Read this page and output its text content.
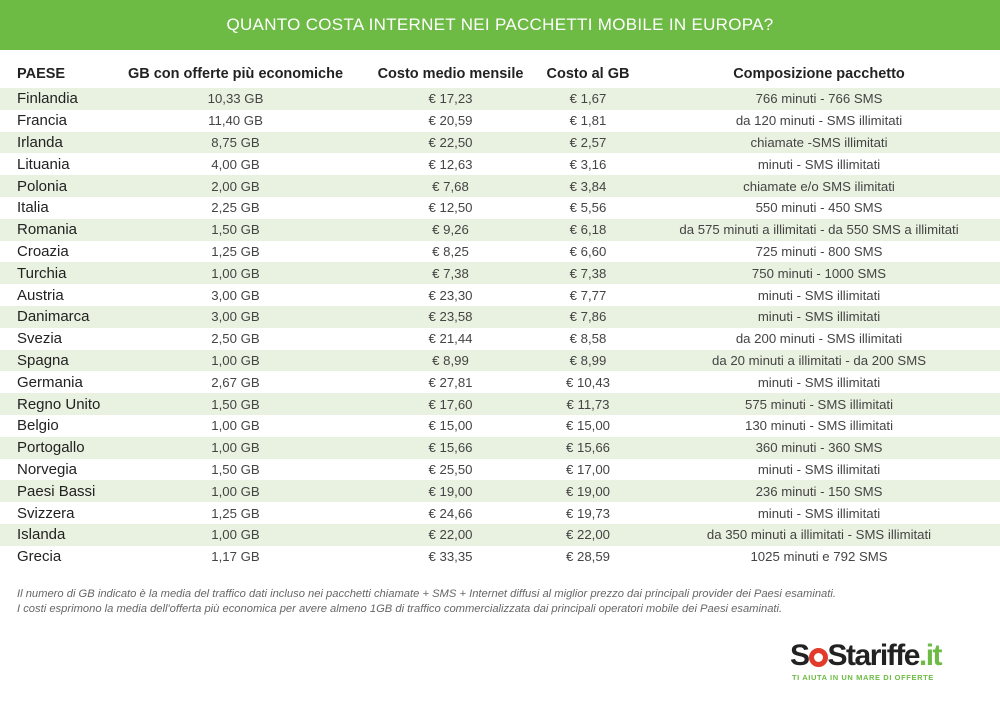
QUANTO COSTA INTERNET NEI PACCHETTI MOBILE IN EUROPA?
PAESE	GB con offerte più economiche	Costo medio mensile	Costo al GB	Composizione pacchetto
Finlandia	10,33 GB	€ 17,23	€ 1,67	766 minuti - 766 SMS
Francia	11,40 GB	€ 20,59	€ 1,81	da 120 minuti - SMS illimitati
Irlanda	8,75 GB	€ 22,50	€ 2,57	chiamate -SMS illimitati
Lituania	4,00 GB	€ 12,63	€ 3,16	minuti - SMS illimitati
Polonia	2,00 GB	€ 7,68	€ 3,84	chiamate e/o SMS ilimitati
Italia	2,25 GB	€ 12,50	€ 5,56	550 minuti - 450 SMS
Romania	1,50 GB	€ 9,26	€ 6,18	da 575 minuti a illimitati - da 550 SMS a illimitati
Croazia	1,25 GB	€ 8,25	€ 6,60	725 minuti - 800 SMS
Turchia	1,00 GB	€ 7,38	€ 7,38	750 minuti - 1000 SMS
Austria	3,00 GB	€ 23,30	€ 7,77	minuti - SMS illimitati
Danimarca	3,00 GB	€ 23,58	€ 7,86	minuti - SMS illimitati
Svezia	2,50 GB	€ 21,44	€ 8,58	da 200 minuti - SMS illimitati
Spagna	1,00 GB	€ 8,99	€ 8,99	da 20 minuti a illimitati - da 200 SMS
Germania	2,67 GB	€ 27,81	€ 10,43	minuti - SMS illimitati
Regno Unito	1,50 GB	€ 17,60	€ 11,73	575 minuti - SMS illimitati
Belgio	1,00 GB	€ 15,00	€ 15,00	130 minuti - SMS illimitati
Portogallo	1,00 GB	€ 15,66	€ 15,66	360 minuti - 360 SMS
Norvegia	1,50 GB	€ 25,50	€ 17,00	minuti - SMS illimitati
Paesi Bassi	1,00 GB	€ 19,00	€ 19,00	236 minuti - 150 SMS
Svizzera	1,25 GB	€ 24,66	€ 19,73	minuti - SMS illimitati
Islanda	1,00 GB	€ 22,00	€ 22,00	da 350 minuti a illimitati - SMS illimitati
Grecia	1,17 GB	€ 33,35	€ 28,59	1025 minuti e 792 SMS
Il numero di GB indicato è la media del traffico dati incluso nei pacchetti chiamate + SMS + Internet diffusi al miglior prezzo dai principali provider dei Paesi esaminati.
I costi esprimono la media dell'offerta più economica per avere almeno 1GB di traffico commercializzata dai principali operatori mobile dei Paesi esaminati.
S S tariffe .it
TI AIUTA IN UN MARE DI OFFERTE
